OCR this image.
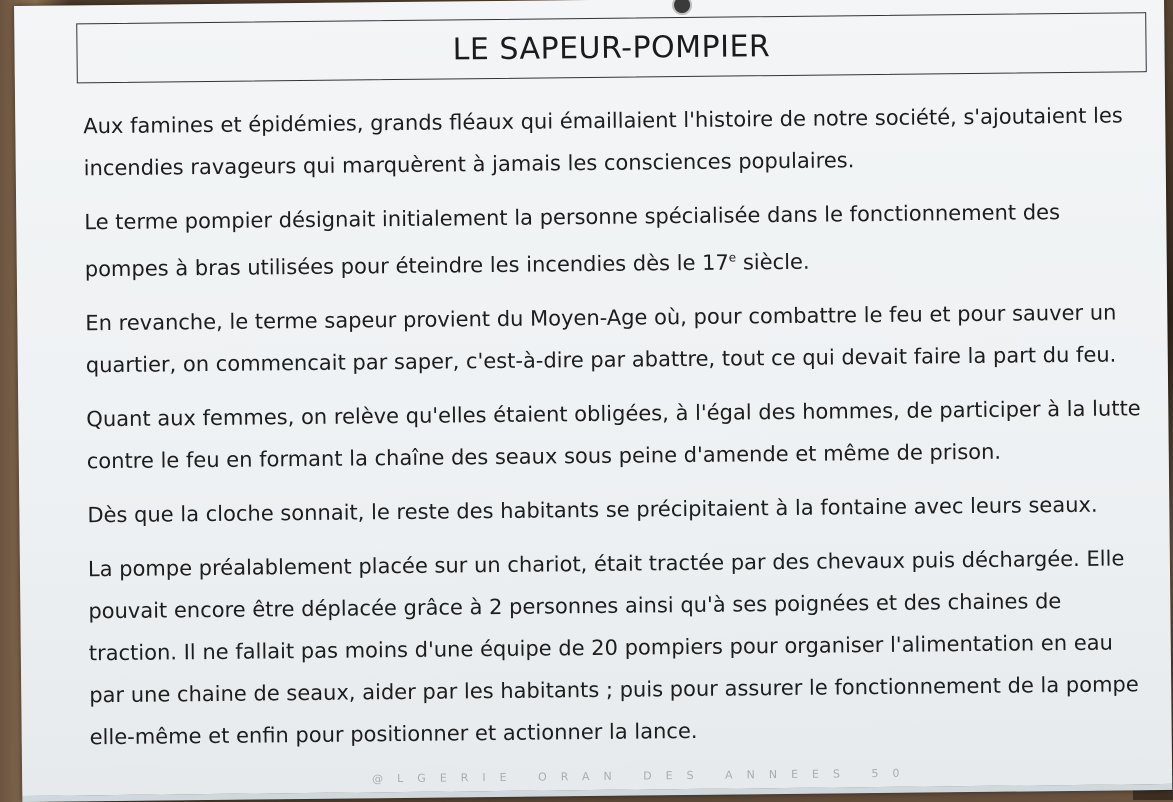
LE SAPEUR-POMPIER

Aux famines et épidémies, grands fléaux qui émaillaient l'histoire de notre société, s'ajoutaient les incendies ravageurs qui marquèrent à jamais les consciences populaires.

Le terme pompier désignait initialement la personne spécialisée dans le fonctionnement des pompes à bras utilisées pour éteindre les incendies dès le 17e siècle.

En revanche, le terme sapeur provient du Moyen-Age où, pour combattre le feu et pour sauver un quartier, on commencait par saper, c'est-à-dire par abattre, tout ce qui devait faire la part du feu.

Quant aux femmes, on relève qu'elles étaient obligées, à l'égal des hommes, de participer à la lutte contre le feu en formant la chaîne des seaux sous peine d'amende et même de prison.

Dès que la cloche sonnait, le reste des habitants se précipitaient à la fontaine avec leurs seaux.

La pompe préalablement placée sur un chariot, était tractée par des chevaux puis déchargée. Elle pouvait encore être déplacée grâce à 2 personnes ainsi qu'à ses poignées et des chaines de traction. Il ne fallait pas moins d'une équipe de 20 pompiers pour organiser l'alimentation en eau par une chaine de seaux, aider par les habitants ; puis pour assurer le fonctionnement de la pompe elle-même et enfin pour positionner et actionner la lance.

@LGERIE ORAN DES ANNEES 50
